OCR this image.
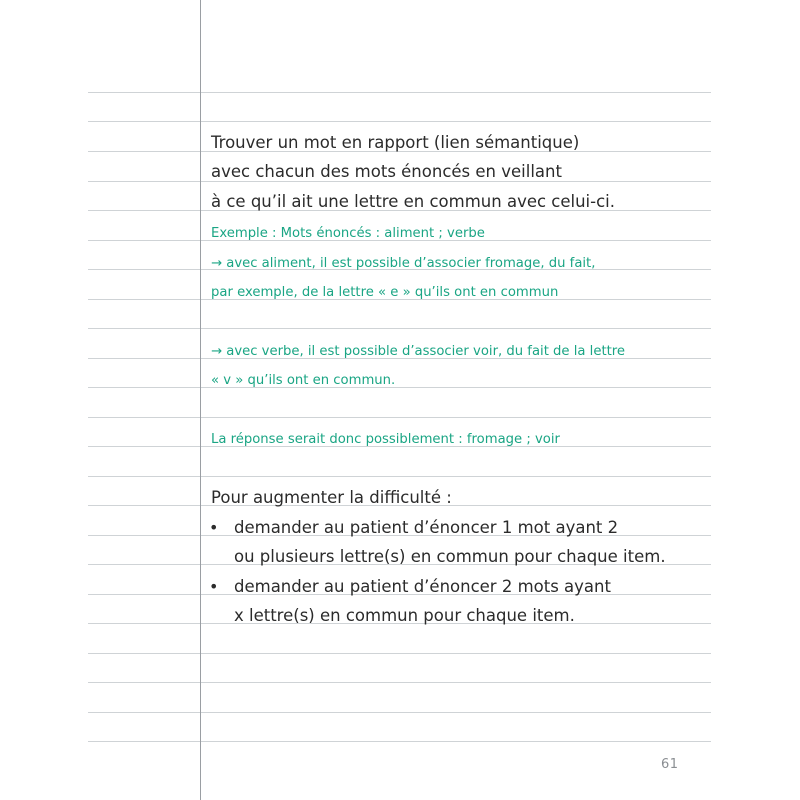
Trouver un mot en rapport (lien sémantique)

avec chacun des mots énoncés en veillant

à ce qu’il ait une lettre en commun avec celui-ci.

Exemple : Mots énoncés : aliment ; verbe

→ avec aliment, il est possible d’associer fromage, du fait,

par exemple, de la lettre « e » qu’ils ont en commun

→ avec verbe, il est possible d’associer voir, du fait de la lettre

« v » qu’ils ont en commun.

La réponse serait donc possiblement : fromage ; voir

Pour augmenter la difficulté :

• demander au patient d’énoncer 1 mot ayant 2

ou plusieurs lettre(s) en commun pour chaque item.

• demander au patient d’énoncer 2 mots ayant

x lettre(s) en commun pour chaque item.

61
